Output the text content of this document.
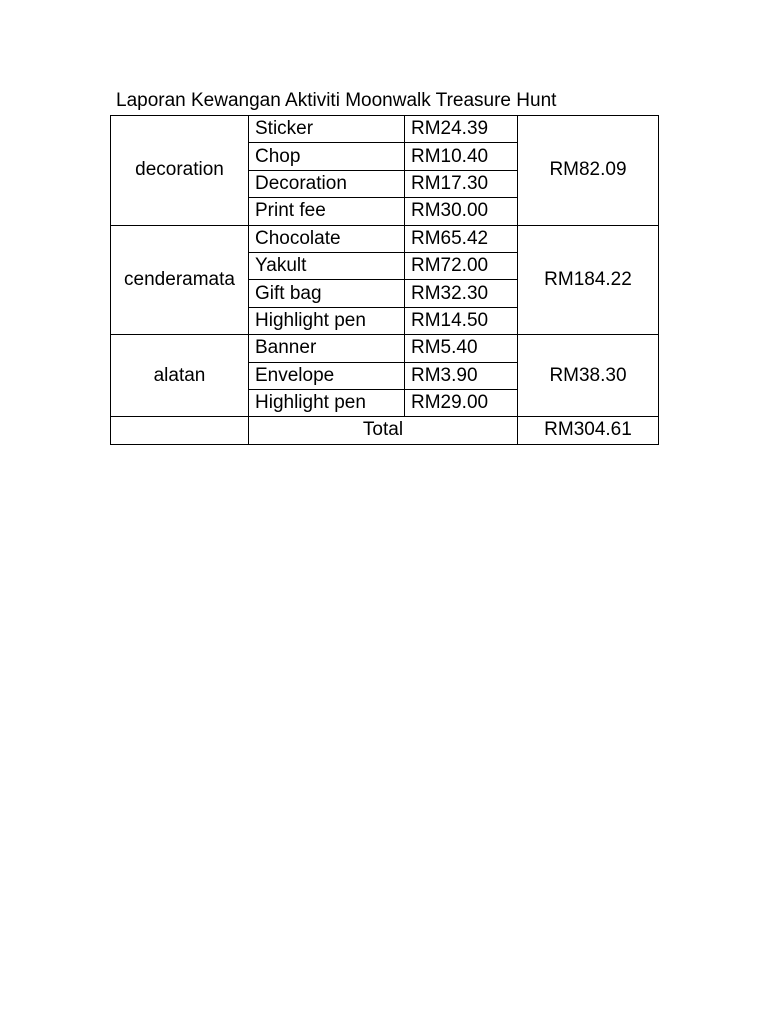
Laporan Kewangan Aktiviti Moonwalk Treasure Hunt
decoration	Sticker	RM24.39	RM82.09
	Chop	RM10.40	
	Decoration	RM17.30	
	Print fee	RM30.00	
cenderamata	Chocolate	RM65.42	RM184.22
	Yakult	RM72.00	
	Gift bag	RM32.30	
	Highlight pen	RM14.50	
alatan	Banner	RM5.40	RM38.30
	Envelope	RM3.90	
	Highlight pen	RM29.00	
	Total		RM304.61
